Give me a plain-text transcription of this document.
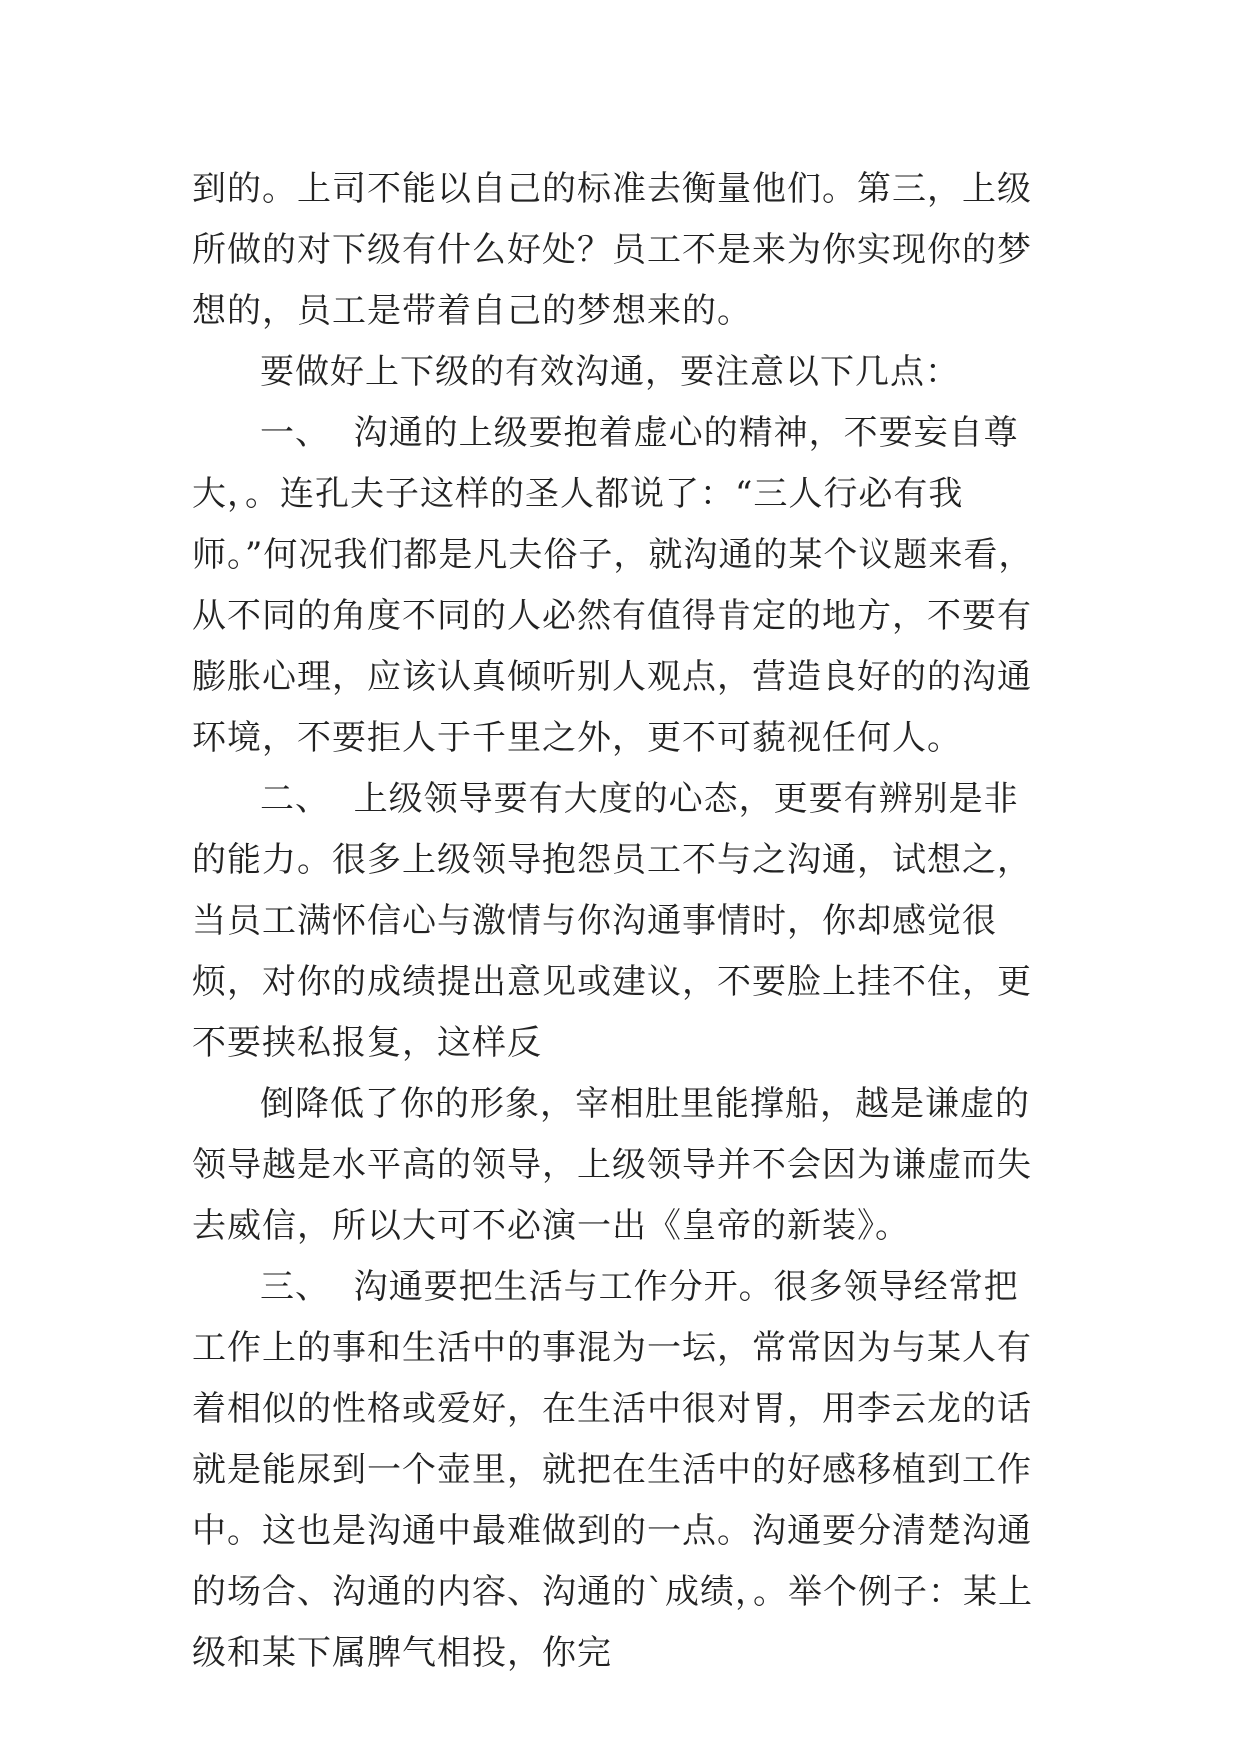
到的。上司不能以自己的标准去衡量他们。第三，上级所做的对下级有什么好处？员工不是来为你实现你的梦想的，员工是带着自己的梦想来的。

要做好上下级的有效沟通，要注意以下几点：

一、  沟通的上级要抱着虚心的精神，不要妄自尊大，。连孔夫子这样的圣人都说了：“三人行必有我师。”何况我们都是凡夫俗子，就沟通的某个议题来看，从不同的角度不同的人必然有值得肯定的地方，不要有膨胀心理，应该认真倾听别人观点，营造良好的的沟通环境，不要拒人于千里之外，更不可藐视任何人。

二、  上级领导要有大度的心态，更要有辨别是非的能力。很多上级领导抱怨员工不与之沟通，试想之，当员工满怀信心与激情与你沟通事情时，你却感觉很烦，对你的成绩提出意见或建议，不要脸上挂不住，更不要挟私报复，这样反

倒降低了你的形象，宰相肚里能撑船，越是谦虚的领导越是水平高的领导，上级领导并不会因为谦虚而失去威信，所以大可不必演一出《皇帝的新装》。

三、  沟通要把生活与工作分开。很多领导经常把工作上的事和生活中的事混为一坛，常常因为与某人有着相似的性格或爱好，在生活中很对胃，用李云龙的话就是能尿到一个壶里，就把在生活中的好感移植到工作中。这也是沟通中最难做到的一点。沟通要分清楚沟通的场合、沟通的内容、沟通的`成绩，。举个例子：某上级和某下属脾气相投，你完
